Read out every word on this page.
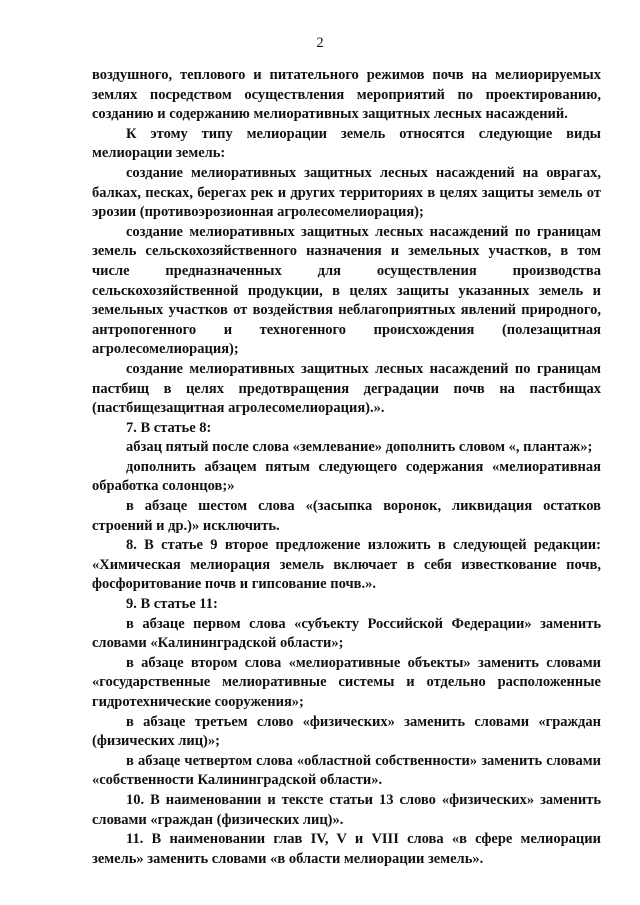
2

воздушного, теплового и питательного режимов почв на мелиорируемых землях посредством осуществления мероприятий по проектированию, созданию и содержанию мелиоративных защитных лесных насаждений.

К этому типу мелиорации земель относятся следующие виды мелиорации земель:

создание мелиоративных защитных лесных насаждений на оврагах, балках, песках, берегах рек и других территориях в целях защиты земель от эрозии (противоэрозионная агролесомелиорация);

создание мелиоративных защитных лесных насаждений по границам земель сельскохозяйственного назначения и земельных участков, в том числе предназначенных для осуществления производства сельскохозяйственной продукции, в целях защиты указанных земель и земельных участков от воздействия неблагоприятных явлений природного, антропогенного и техногенного происхождения (полезащитная агролесомелиорация);

создание мелиоративных защитных лесных насаждений по границам пастбищ в целях предотвращения деградации почв на пастбищах (пастбищезащитная агролесомелиорация).».

7. В статье 8:

абзац пятый после слова «землевание» дополнить словом «, плантаж»;

дополнить абзацем пятым следующего содержания «мелиоративная обработка солонцов;»

в абзаце шестом слова «(засыпка воронок, ликвидация остатков строений и др.)» исключить.

8. В статье 9 второе предложение изложить в следующей редакции: «Химическая мелиорация земель включает в себя известкование почв, фосфоритование почв и гипсование почв.».

9. В статье 11:

в абзаце первом слова «субъекту Российской Федерации» заменить словами «Калининградской области»;

в абзаце втором слова «мелиоративные объекты» заменить словами «государственные мелиоративные системы и отдельно расположенные гидротехнические сооружения»;

в абзаце третьем слово «физических» заменить словами «граждан (физических лиц)»;

в абзаце четвертом слова «областной собственности» заменить словами «собственности Калининградской области».

10. В наименовании и тексте статьи 13 слово «физических» заменить словами «граждан (физических лиц)».

11. В наименовании глав IV, V и VIII слова «в сфере мелиорации земель» заменить словами «в области мелиорации земель».
